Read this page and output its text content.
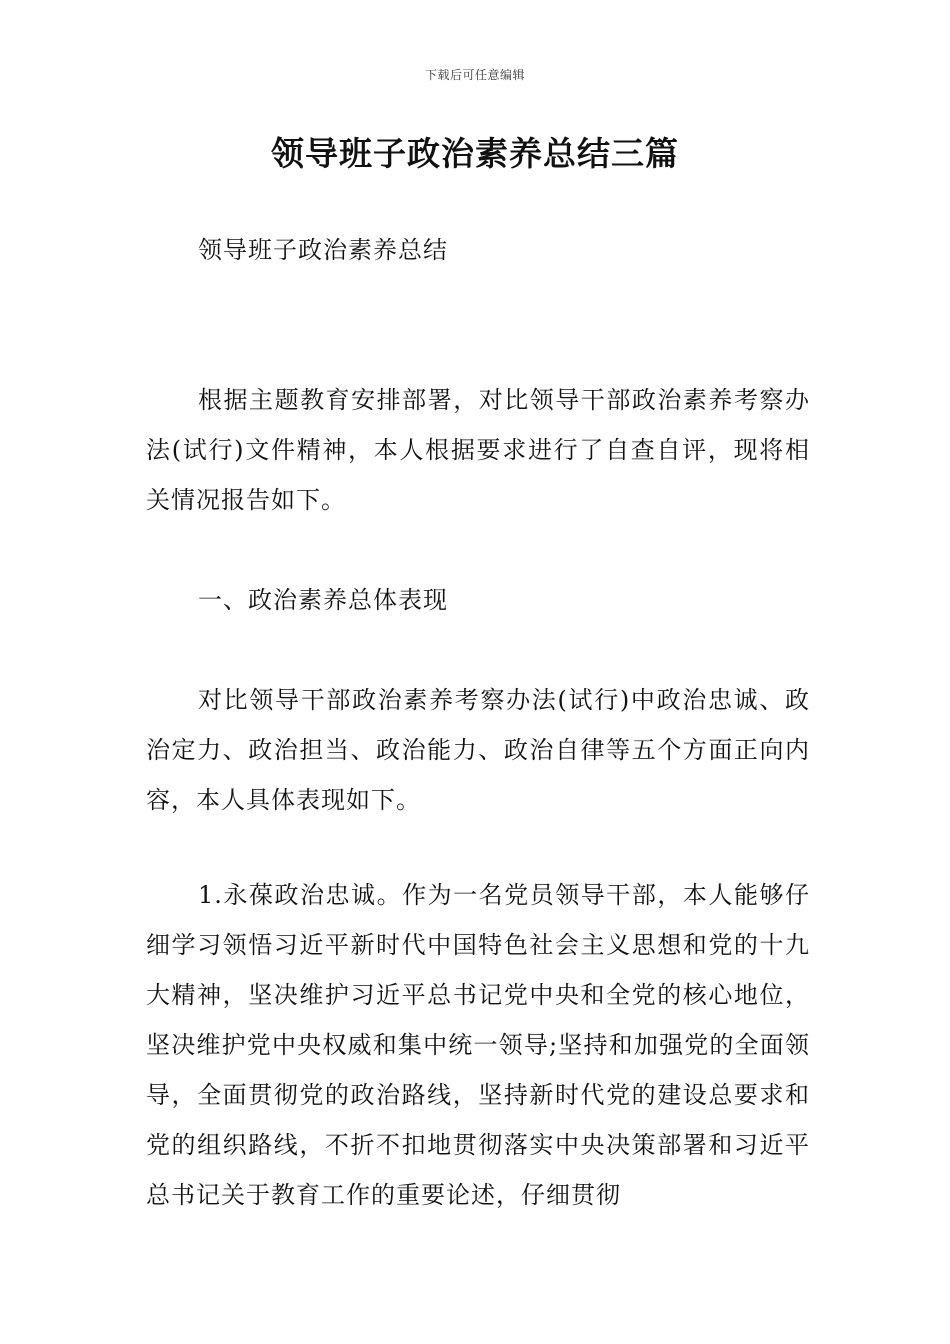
下载后可任意编辑
领导班子政治素养总结三篇
领导班子政治素养总结
根据主题教育安排部署，对比领导干部政治素养考察办法(试行)文件精神，本人根据要求进行了自查自评，现将相关情况报告如下。
一、政治素养总体表现
对比领导干部政治素养考察办法(试行)中政治忠诚、政治定力、政治担当、政治能力、政治自律等五个方面正向内容，本人具体表现如下。
1.永葆政治忠诚。作为一名党员领导干部，本人能够仔细学习领悟习近平新时代中国特色社会主义思想和党的十九大精神，坚决维护习近平总书记党中央和全党的核心地位，坚决维护党中央权威和集中统一领导;坚持和加强党的全面领导，全面贯彻党的政治路线，坚持新时代党的建设总要求和党的组织路线，不折不扣地贯彻落实中央决策部署和习近平总书记关于教育工作的重要论述，仔细贯彻
